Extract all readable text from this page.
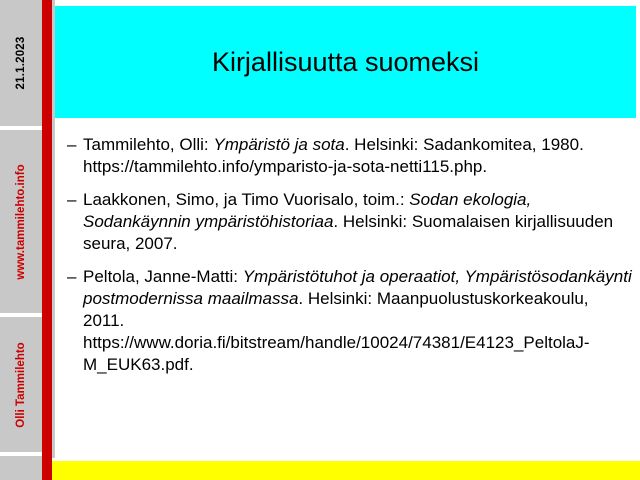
21.1.2023
www.tammilehto.info
Olli Tammilehto
Kirjallisuutta suomeksi
– Tammilehto, Olli: Ympäristö ja sota. Helsinki: Sadankomitea, 1980. https://tammilehto.info/ymparisto-ja-sota-netti115.php.
– Laakkonen, Simo, ja Timo Vuorisalo, toim.: Sodan ekologia, Sodankäynnin ympäristöhistoriaa. Helsinki: Suomalaisen kirjallisuuden seura, 2007.
– Peltola, Janne-Matti: Ympäristötuhot ja operaatiot, Ympäristösodankäynti postmodernissa maailmassa. Helsinki: Maanpuolustuskorkeakoulu, 2011. https://www.doria.fi/bitstream/handle/10024/74381/E4123_PeltolaJ-M_EUK63.pdf.
